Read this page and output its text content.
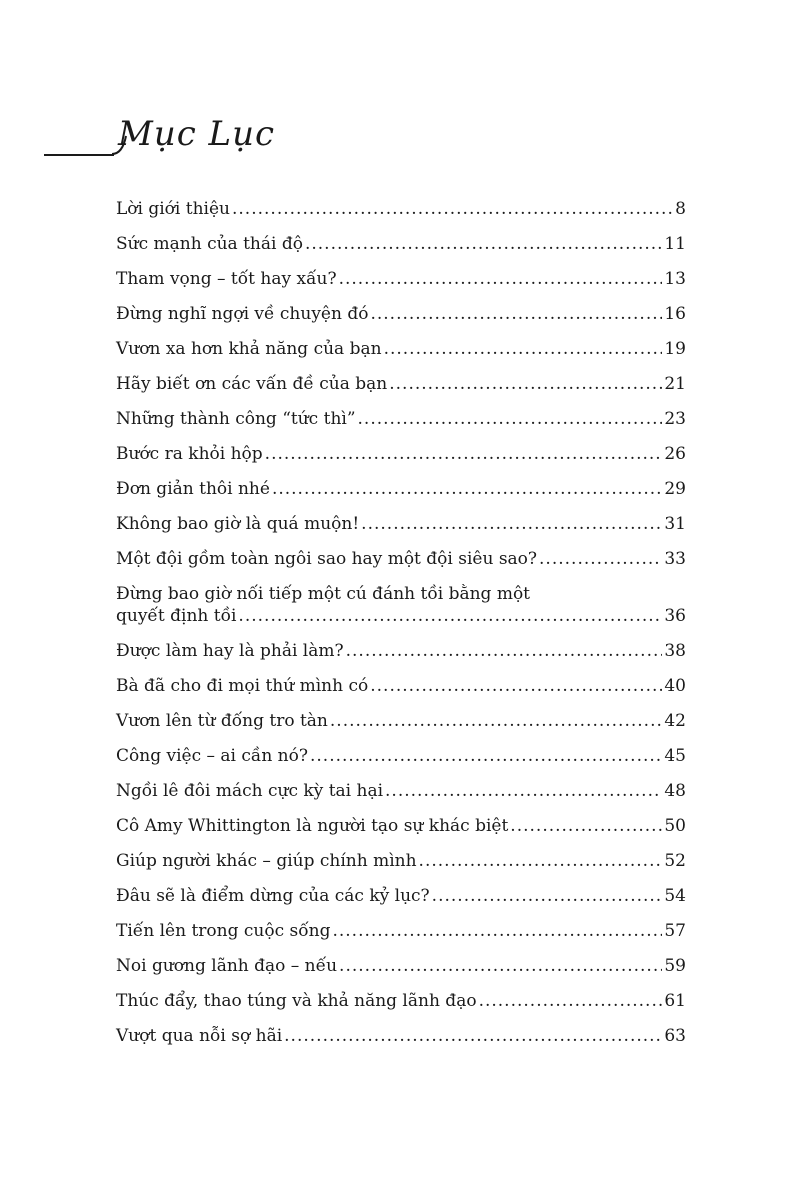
Mục Lục
Lời giới thiệu .....	8
Sức mạnh của thái độ .....	11
Tham vọng – tốt hay xấu? .....	13
Đừng nghĩ ngợi về chuyện đó .....	16
Vươn xa hơn khả năng của bạn .....	19
Hãy biết ơn các vấn đề của bạn .....	21
Những thành công “tức thì” .....	23
Bước ra khỏi hộp .....	26
Đơn giản thôi nhé .....	29
Không bao giờ là quá muộn! .....	31
Một đội gồm toàn ngôi sao hay một đội siêu sao? .....	33
Đừng bao giờ nối tiếp một cú đánh tồi bằng một
quyết định tồi .....	36
Được làm hay là phải làm? .....	38
Bà đã cho đi mọi thứ mình có .....	40
Vươn lên từ đống tro tàn .....	42
Công việc – ai cần nó? .....	45
Ngồi lê đôi mách cực kỳ tai hại .....	48
Cô Amy Whittington là người tạo sự khác biệt .....	50
Giúp người khác – giúp chính mình .....	52
Đâu sẽ là điểm dừng của các kỷ lục? .....	54
Tiến lên trong cuộc sống .....	57
Noi gương lãnh đạo – nếu .....	59
Thúc đẩy, thao túng và khả năng lãnh đạo .....	61
Vượt qua nỗi sợ hãi .....	63
